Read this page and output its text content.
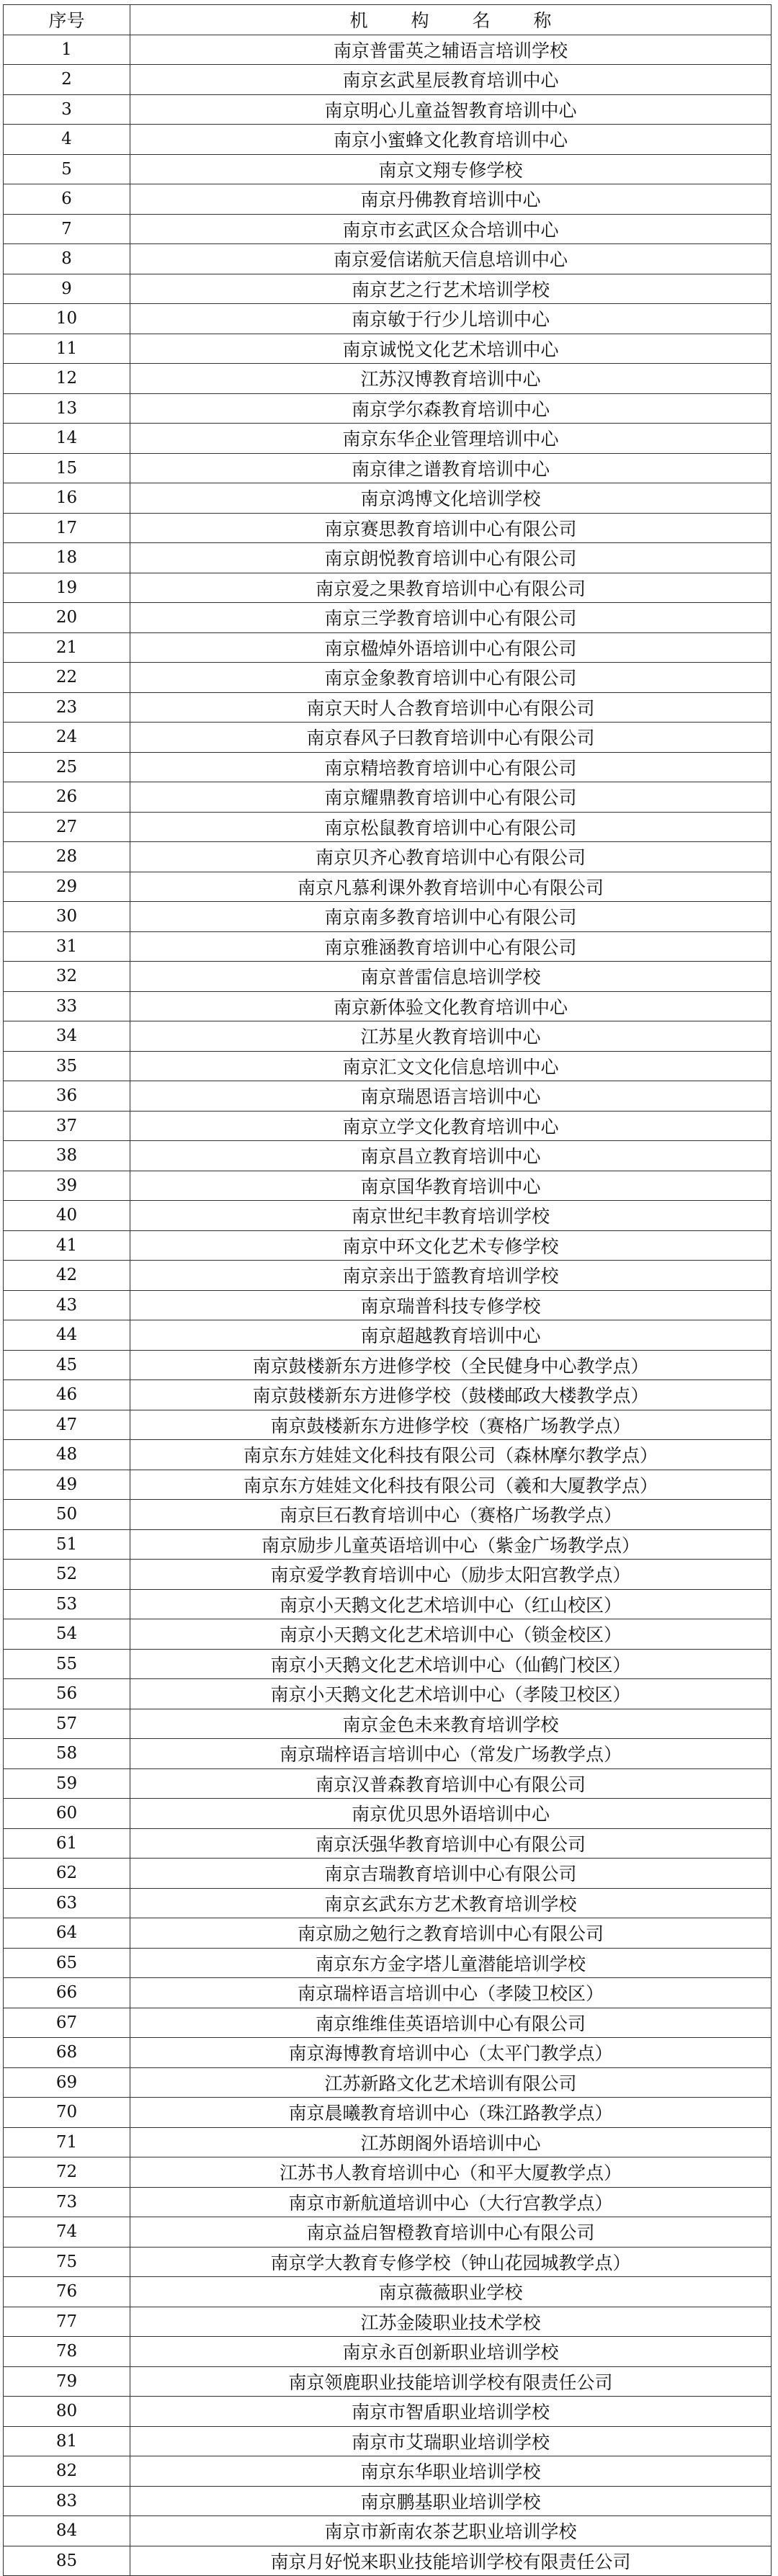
序号	机 构 名 称
1	南京普雷英之辅语言培训学校
2	南京玄武星辰教育培训中心
3	南京明心儿童益智教育培训中心
4	南京小蜜蜂文化教育培训中心
5	南京文翔专修学校
6	南京丹佛教育培训中心
7	南京市玄武区众合培训中心
8	南京爱信诺航天信息培训中心
9	南京艺之行艺术培训学校
10	南京敏于行少儿培训中心
11	南京诚悦文化艺术培训中心
12	江苏汉博教育培训中心
13	南京学尔森教育培训中心
14	南京东华企业管理培训中心
15	南京律之谱教育培训中心
16	南京鸿博文化培训学校
17	南京赛思教育培训中心有限公司
18	南京朗悦教育培训中心有限公司
19	南京爱之果教育培训中心有限公司
20	南京三学教育培训中心有限公司
21	南京楹焯外语培训中心有限公司
22	南京金象教育培训中心有限公司
23	南京天时人合教育培训中心有限公司
24	南京春风子曰教育培训中心有限公司
25	南京精培教育培训中心有限公司
26	南京耀鼎教育培训中心有限公司
27	南京松鼠教育培训中心有限公司
28	南京贝齐心教育培训中心有限公司
29	南京凡慕利课外教育培训中心有限公司
30	南京南多教育培训中心有限公司
31	南京雅涵教育培训中心有限公司
32	南京普雷信息培训学校
33	南京新体验文化教育培训中心
34	江苏星火教育培训中心
35	南京汇文文化信息培训中心
36	南京瑞恩语言培训中心
37	南京立学文化教育培训中心
38	南京昌立教育培训中心
39	南京国华教育培训中心
40	南京世纪丰教育培训学校
41	南京中环文化艺术专修学校
42	南京亲出于篮教育培训学校
43	南京瑞普科技专修学校
44	南京超越教育培训中心
45	南京鼓楼新东方进修学校（全民健身中心教学点）
46	南京鼓楼新东方进修学校（鼓楼邮政大楼教学点）
47	南京鼓楼新东方进修学校（赛格广场教学点）
48	南京东方娃娃文化科技有限公司（森林摩尔教学点）
49	南京东方娃娃文化科技有限公司（羲和大厦教学点）
50	南京巨石教育培训中心（赛格广场教学点）
51	南京励步儿童英语培训中心（紫金广场教学点）
52	南京爱学教育培训中心（励步太阳宫教学点）
53	南京小天鹅文化艺术培训中心（红山校区）
54	南京小天鹅文化艺术培训中心（锁金校区）
55	南京小天鹅文化艺术培训中心（仙鹤门校区）
56	南京小天鹅文化艺术培训中心（孝陵卫校区）
57	南京金色未来教育培训学校
58	南京瑞梓语言培训中心（常发广场教学点）
59	南京汉普森教育培训中心有限公司
60	南京优贝思外语培训中心
61	南京沃强华教育培训中心有限公司
62	南京吉瑞教育培训中心有限公司
63	南京玄武东方艺术教育培训学校
64	南京励之勉行之教育培训中心有限公司
65	南京东方金字塔儿童潜能培训学校
66	南京瑞梓语言培训中心（孝陵卫校区）
67	南京维维佳英语培训中心有限公司
68	南京海博教育培训中心（太平门教学点）
69	江苏新路文化艺术培训有限公司
70	南京晨曦教育培训中心（珠江路教学点）
71	江苏朗阁外语培训中心
72	江苏书人教育培训中心（和平大厦教学点）
73	南京市新航道培训中心（大行宫教学点）
74	南京益启智橙教育培训中心有限公司
75	南京学大教育专修学校（钟山花园城教学点）
76	南京薇薇职业学校
77	江苏金陵职业技术学校
78	南京永百创新职业培训学校
79	南京领鹿职业技能培训学校有限责任公司
80	南京市智盾职业培训学校
81	南京市艾瑞职业培训学校
82	南京东华职业培训学校
83	南京鹏基职业培训学校
84	南京市新南农茶艺职业培训学校
85	南京月好悦来职业技能培训学校有限责任公司
